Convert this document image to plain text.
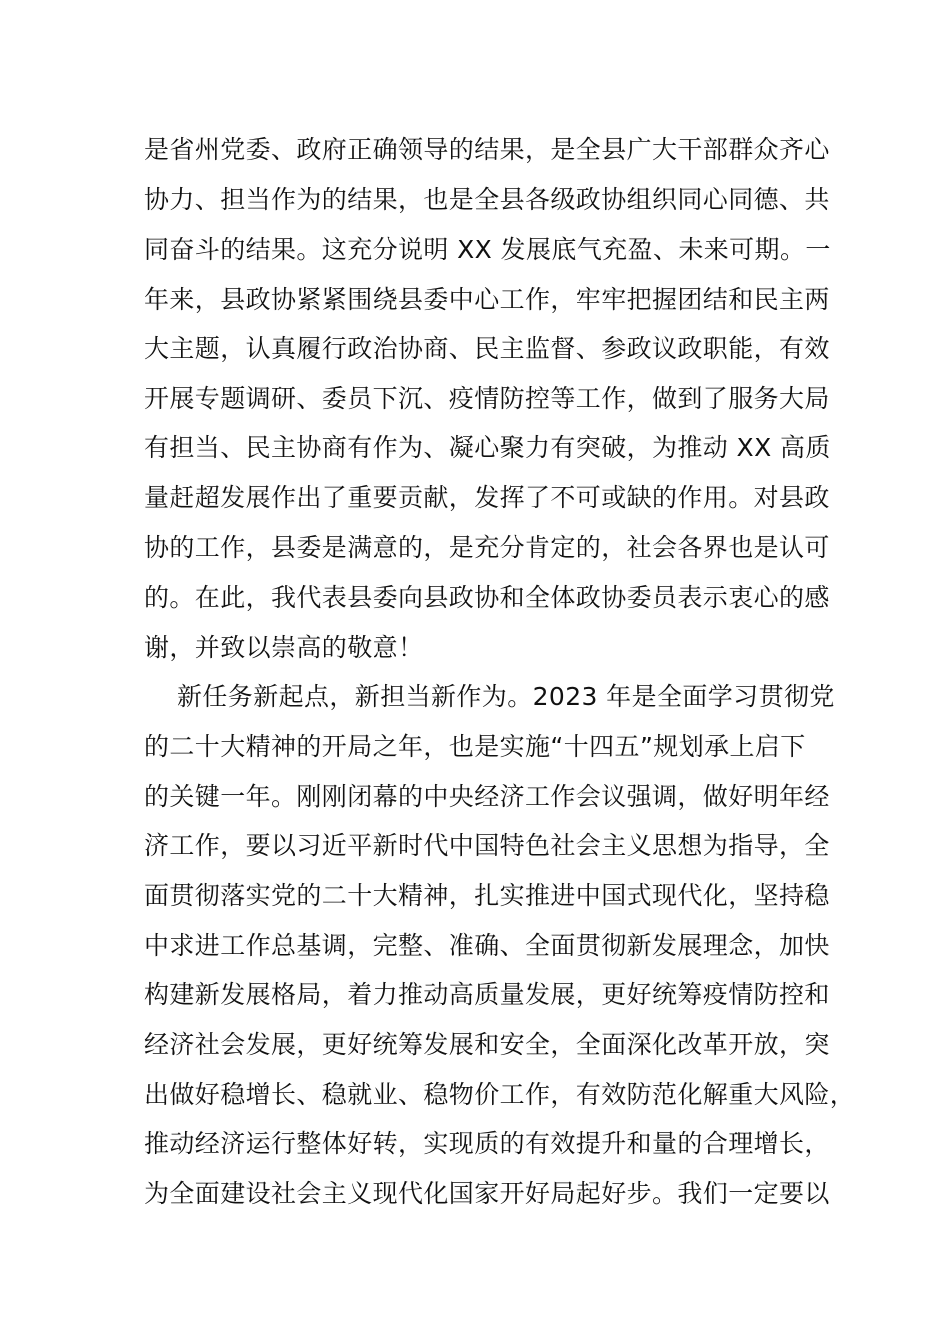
是省州党委、政府正确领导的结果，是全县广大干部群众齐心
协力、担当作为的结果，也是全县各级政协组织同心同德、共
同奋斗的结果。这充分说明 XX 发展底气充盈、未来可期。一
年来，县政协紧紧围绕县委中心工作，牢牢把握团结和民主两
大主题，认真履行政治协商、民主监督、参政议政职能，有效
开展专题调研、委员下沉、疫情防控等工作，做到了服务大局
有担当、民主协商有作为、凝心聚力有突破，为推动 XX 高质
量赶超发展作出了重要贡献，发挥了不可或缺的作用。对县政
协的工作，县委是满意的，是充分肯定的，社会各界也是认可
的。在此，我代表县委向县政协和全体政协委员表示衷心的感
谢，并致以崇高的敬意！
新任务新起点，新担当新作为。2023 年是全面学习贯彻党
的二十大精神的开局之年，也是实施“十四五”规划承上启下
的关键一年。刚刚闭幕的中央经济工作会议强调，做好明年经
济工作，要以习近平新时代中国特色社会主义思想为指导，全
面贯彻落实党的二十大精神，扎实推进中国式现代化，坚持稳
中求进工作总基调，完整、准确、全面贯彻新发展理念，加快
构建新发展格局，着力推动高质量发展，更好统筹疫情防控和
经济社会发展，更好统筹发展和安全，全面深化改革开放，突
出做好稳增长、稳就业、稳物价工作，有效防范化解重大风险，
推动经济运行整体好转，实现质的有效提升和量的合理增长，
为全面建设社会主义现代化国家开好局起好步。我们一定要以
